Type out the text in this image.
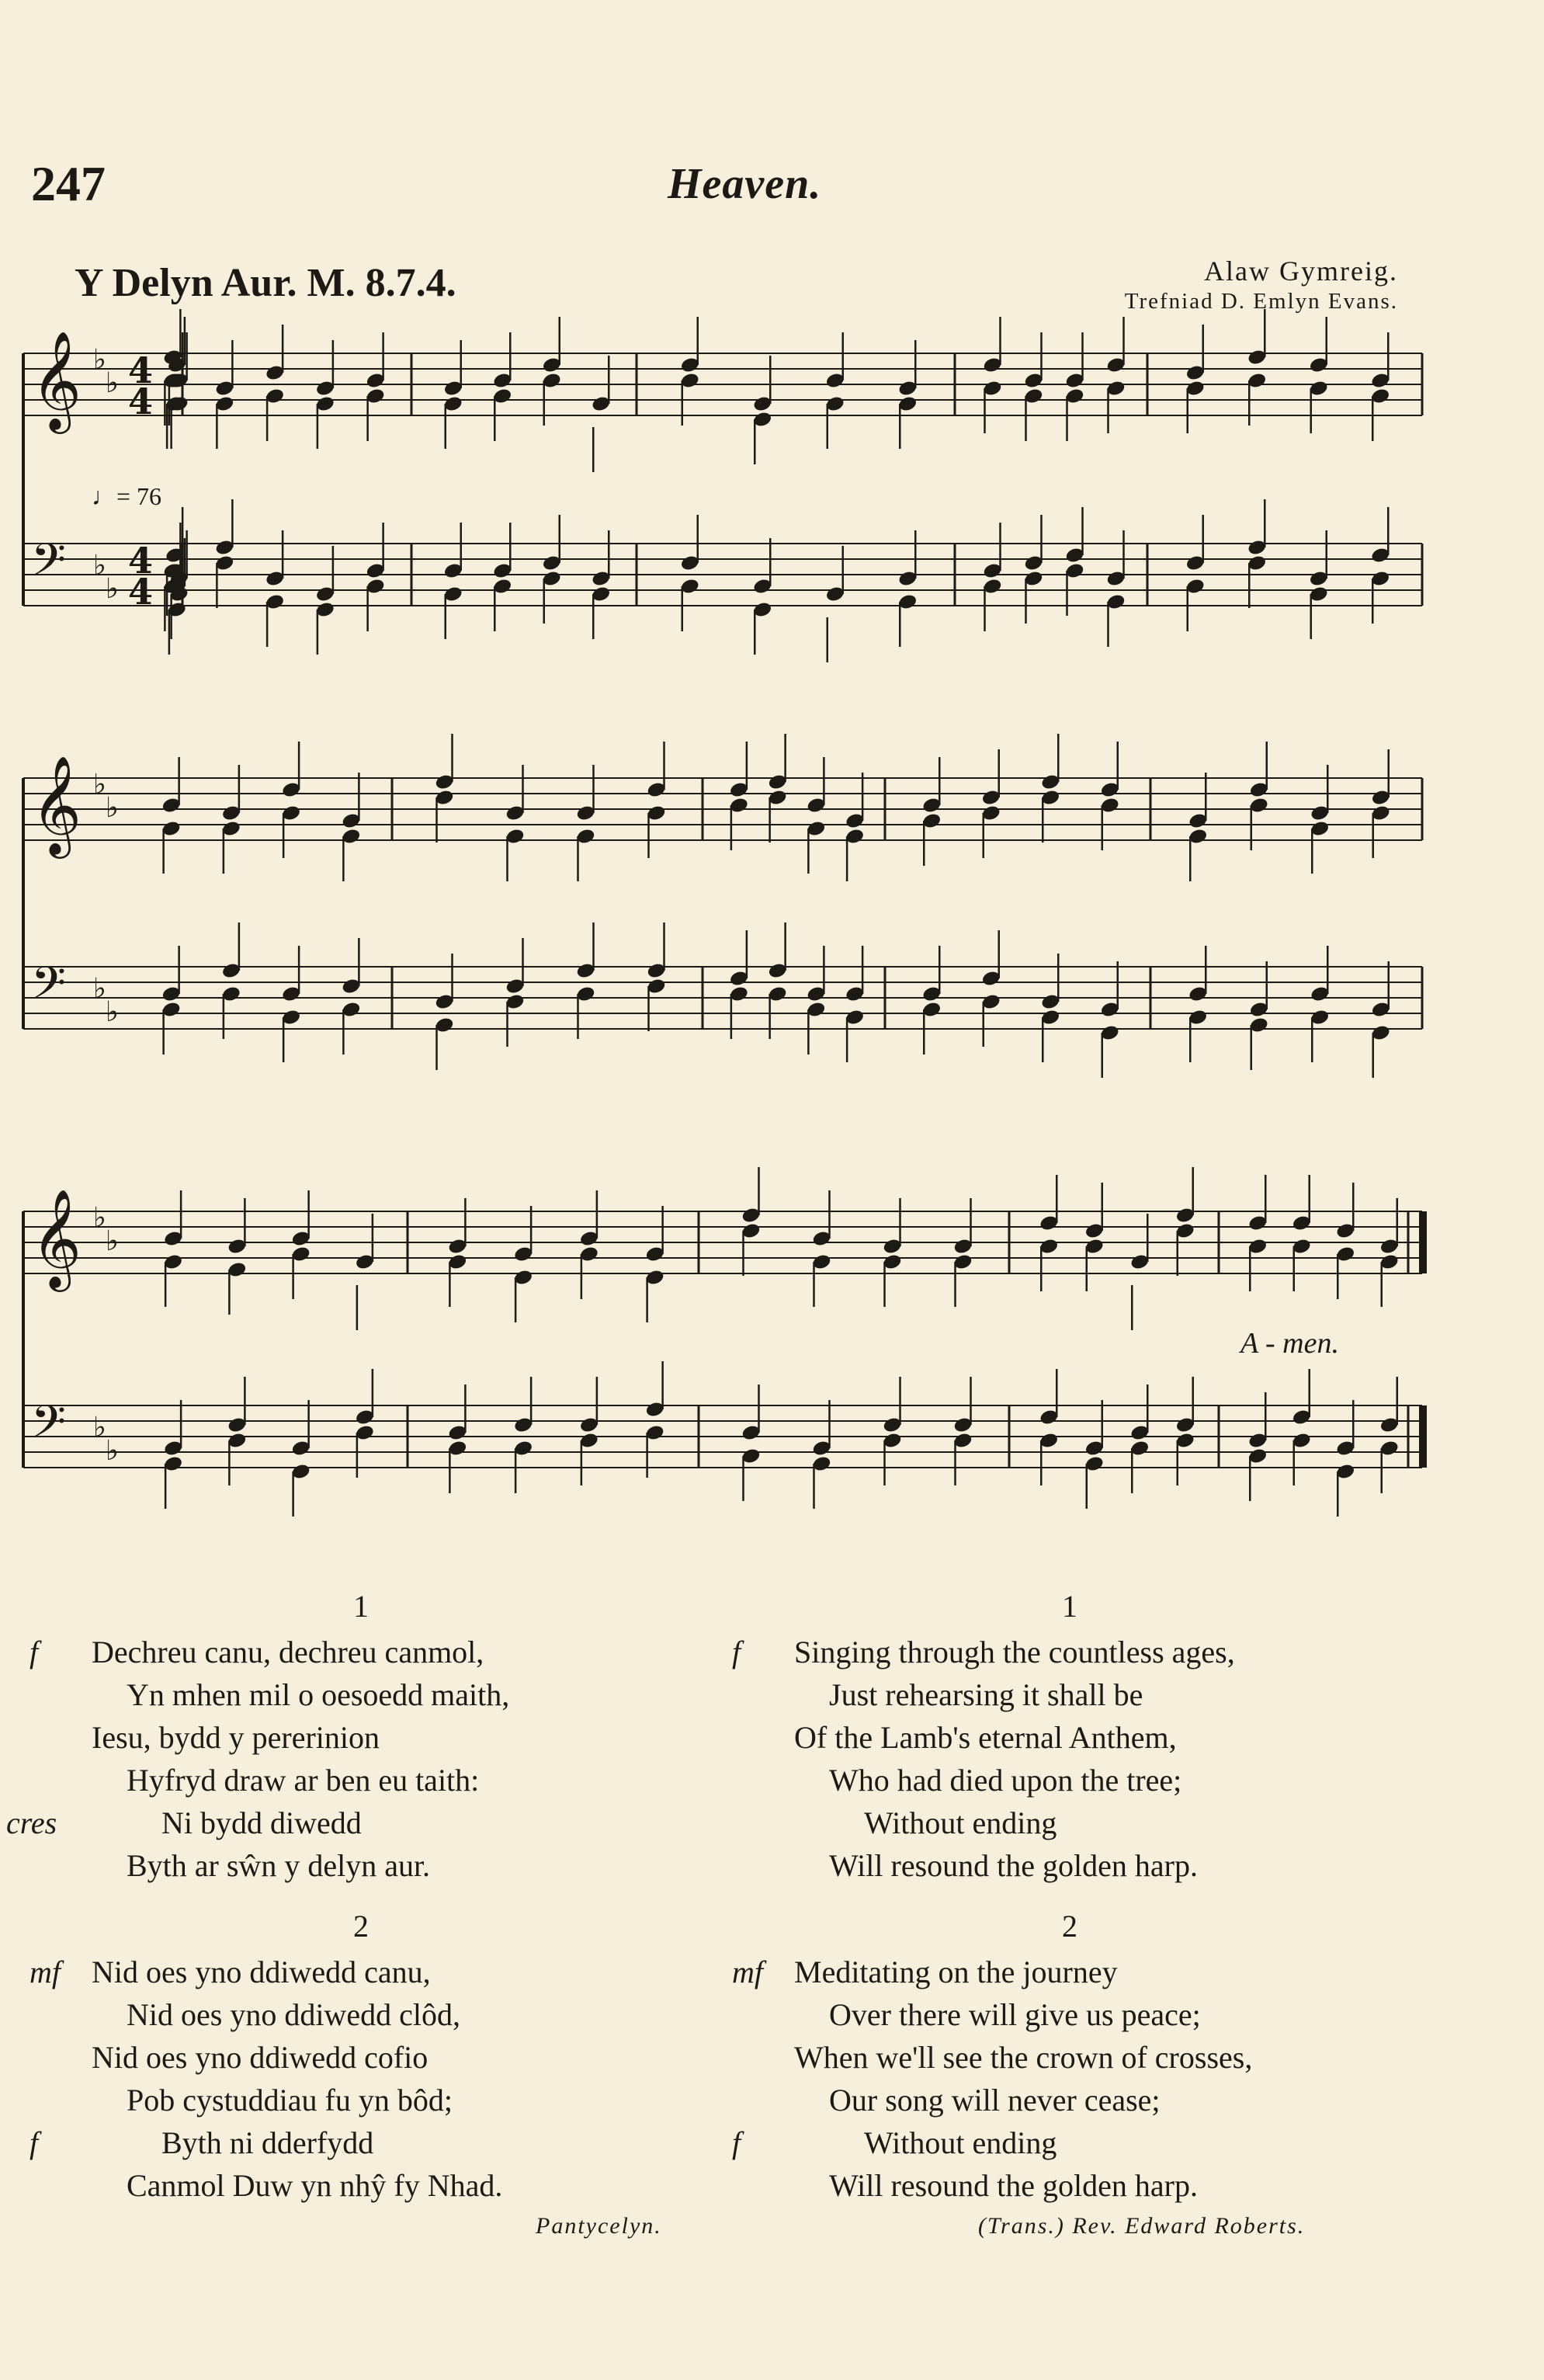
247	Heaven.
Y Delyn Aur. M. 8.7.4.	Alaw Gymreig.
Trefniad D. Emlyn Evans.
𝄞 ♭
♭ 4
4
𝄢 ♭
♭
4
4
𝄞 ♭
♭
𝄢 ♭
♭
𝄞 ♭
♭
𝄢 ♭
♭
♩= 76
A - men.
1
f Dechreu canu, dechreu canmol,
Yn mhen mil o oesoedd maith,
Iesu, bydd y pererinion
Hyfryd draw ar ben eu taith:
cres	Ni bydd diwedd
Byth ar sŵn y delyn aur.
2
mf Nid oes yno ddiwedd canu,
Nid oes yno ddiwedd clôd,
Nid oes yno ddiwedd cofio
Pob cystuddiau fu yn bôd;
f	Byth ni dderfydd
Canmol Duw yn nhŷ fy Nhad.
Pantycelyn.
1
f Singing through the countless ages,
Just rehearsing it shall be
Of the Lamb's eternal Anthem,
Who had died upon the tree;
Without ending
Will resound the golden harp.
2
mf Meditating on the journey
Over there will give us peace;
When we'll see the crown of crosses,
Our song will never cease;
f	Without ending
Will resound the golden harp.
(Trans.) Rev. Edward Roberts.
